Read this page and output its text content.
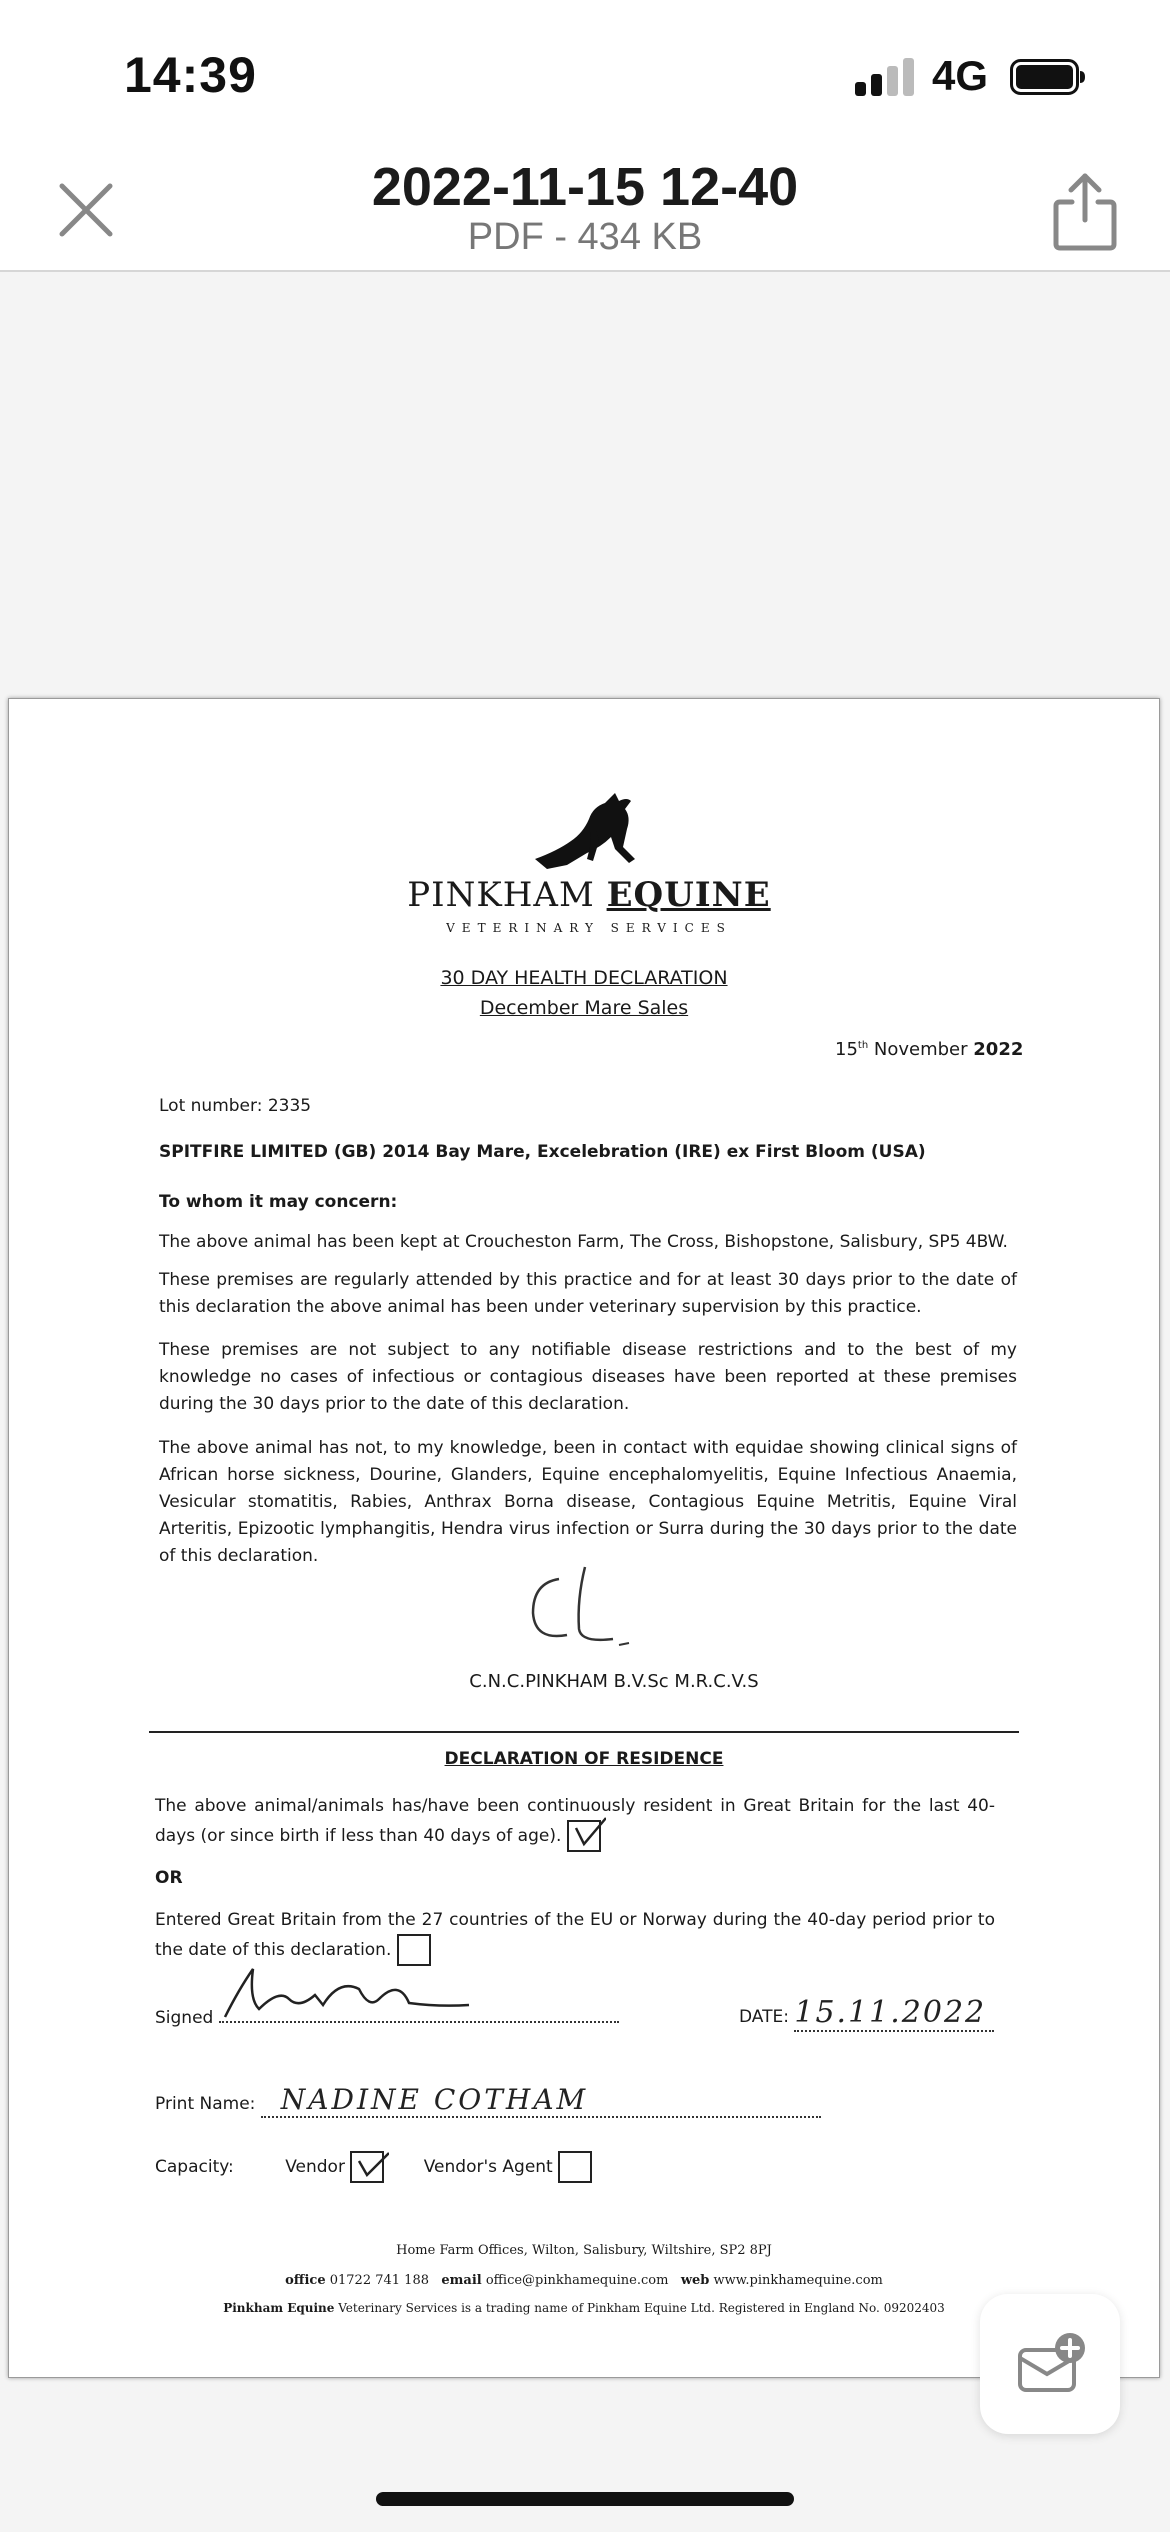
14:39	4G
2022-11-15 12-40
PDF - 434 KB
PINKHAM EQUINE
VETERINARY SERVICES
30 DAY HEALTH DECLARATION
December Mare Sales
15th November 2022
Lot number: 2335
SPITFIRE LIMITED (GB) 2014 Bay Mare, Excelebration (IRE) ex First Bloom (USA)
To whom it may concern:
The above animal has been kept at Croucheston Farm, The Cross, Bishopstone, Salisbury, SP5 4BW.
These premises are regularly attended by this practice and for at least 30 days prior to the date of this declaration the above animal has been under veterinary supervision by this practice.
These premises are not subject to any notifiable disease restrictions and to the best of my knowledge no cases of infectious or contagious diseases have been reported at these premises during the 30 days prior to the date of this declaration.
The above animal has not, to my knowledge, been in contact with equidae showing clinical signs of African horse sickness, Dourine, Glanders, Equine encephalomyelitis, Equine Infectious Anaemia, Vesicular stomatitis, Rabies, Anthrax Borna disease, Contagious Equine Metritis, Equine Viral Arteritis, Epizootic lymphangitis, Hendra virus infection or Surra during the 30 days prior to the date of this declaration.
C.N.C.PINKHAM B.V.Sc M.R.C.V.S
DECLARATION OF RESIDENCE
The above animal/animals has/have been continuously resident in Great Britain for the last 40-days (or since birth if less than 40 days of age).
OR
Entered Great Britain from the 27 countries of the EU or Norway during the 40-day period prior to the date of this declaration.
Signed	DATE: 15.11.2022
Print Name: NADINE COTHAM
Capacity:	Vendor	Vendor's Agent
Home Farm Offices, Wilton, Salisbury, Wiltshire, SP2 8PJ
office 01722 741 188 email office@pinkhamequine.com web www.pinkhamequine.com
Pinkham Equine Veterinary Services is a trading name of Pinkham Equine Ltd. Registered in England No. 09202403
